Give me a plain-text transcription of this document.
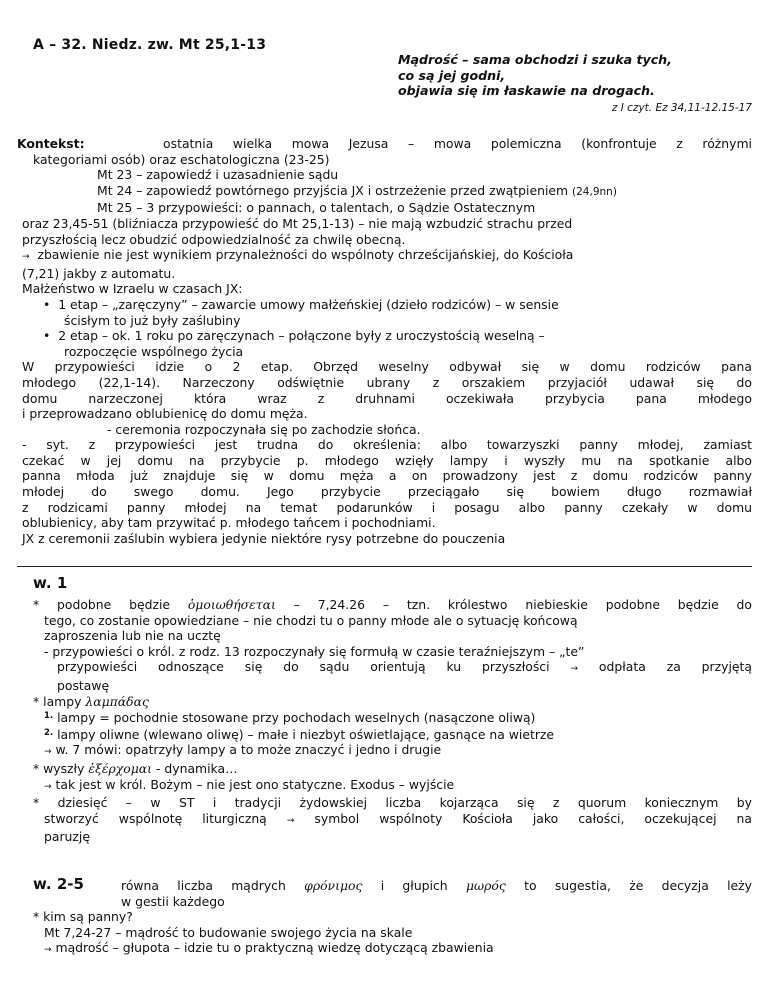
A – 32. Niedz. zw. Mt 25,1-13
Mądrość – sama obchodzi i szuka tych,
co są jej godni,
objawia się im łaskawie na drogach.
z I czyt. Ez 34,11-12.15-17
Kontekst:	ostatnia wielka mowa Jezusa – mowa polemiczna (konfrontuje z różnymi
kategoriami osób) oraz eschatologiczna (23-25)
Mt 23 – zapowiedź i uzasadnienie sądu
Mt 24 – zapowiedź powtórnego przyjścia JX i ostrzeżenie przed zwątpieniem (24,9nn)
Mt 25 – 3 przypowieści: o pannach, o talentach, o Sądzie Ostatecznym
oraz 23,45-51 (bliźniacza przypowieść do Mt 25,1-13) – nie mają wzbudzić strachu przed
przyszłością lecz obudzić odpowiedzialność za chwilę obecną.
→ zbawienie nie jest wynikiem przynależności do wspólnoty chrześcijańskiej, do Kościoła
(7,21) jakby z automatu.
Małżeństwo w Izraelu w czasach JX:
• 1 etap – „zaręczyny” – zawarcie umowy małżeńskiej (dzieło rodziców) – w sensie
ścisłym to już były zaślubiny
• 2 etap – ok. 1 roku po zaręczynach – połączone były z uroczystością weselną –
rozpoczęcie wspólnego życia
W przypowieści idzie o 2 etap. Obrzęd weselny odbywał się w domu rodziców pana
młodego (22,1-14). Narzeczony odświętnie ubrany z orszakiem przyjaciół udawał się do
domu narzeczonej która wraz z druhnami oczekiwała przybycia pana młodego
i przeprowadzano oblubienicę do domu męża.
- ceremonia rozpoczynała się po zachodzie słońca.
- syt. z przypowieści jest trudna do określenia: albo towarzyszki panny młodej, zamiast
czekać w jej domu na przybycie p. młodego wzięły lampy i wyszły mu na spotkanie albo
panna młoda już znajduje się w domu męża a on prowadzony jest z domu rodziców panny
młodej do swego domu. Jego przybycie przeciągało się bowiem długo rozmawiał
z rodzicami panny młodej na temat podarunków i posagu albo panny czekały w domu
oblubienicy, aby tam przywitać p. młodego tańcem i pochodniami.
JX z ceremonii zaślubin wybiera jedynie niektóre rysy potrzebne do pouczenia
w. 1
* podobne będzie ὁμοιωθήσεται – 7,24.26 – tzn. królestwo niebieskie podobne będzie do
tego, co zostanie opowiedziane – nie chodzi tu o panny młode ale o sytuację końcową
zaproszenia lub nie na ucztę
- przypowieści o król. z rodz. 13 rozpoczynały się formułą w czasie teraźniejszym – „te”
przypowieści odnoszące się do sądu orientują ku przyszłości → odpłata za przyjętą
postawę
* lampy λαμπάδας
$^{1.}$ lampy = pochodnie stosowane przy pochodach weselnych (nasączone oliwą)
$^{2.}$ lampy oliwne (wlewano oliwę) – małe i niezbyt oświetlające, gasnące na wietrze
→ w. 7 mówi: opatrzyły lampy a to może znaczyć i jedno i drugie
* wyszły ἐξέρχομαι - dynamika…
→ tak jest w król. Bożym – nie jest ono statyczne. Exodus – wyjście
* dziesięć – w ST i tradycji żydowskiej liczba kojarząca się z quorum koniecznym by
stworzyć wspólnotę liturgiczną → symbol wspólnoty Kościoła jako całości, oczekującej na
paruzję
w. 2-5	równa liczba mądrych φρόνιμος i głupich μωρός to sugestia, że decyzja leży
w gestii każdego
* kim są panny?
Mt 7,24-27 – mądrość to budowanie swojego życia na skale
→ mądrość – głupota – idzie tu o praktyczną wiedzę dotyczącą zbawienia
